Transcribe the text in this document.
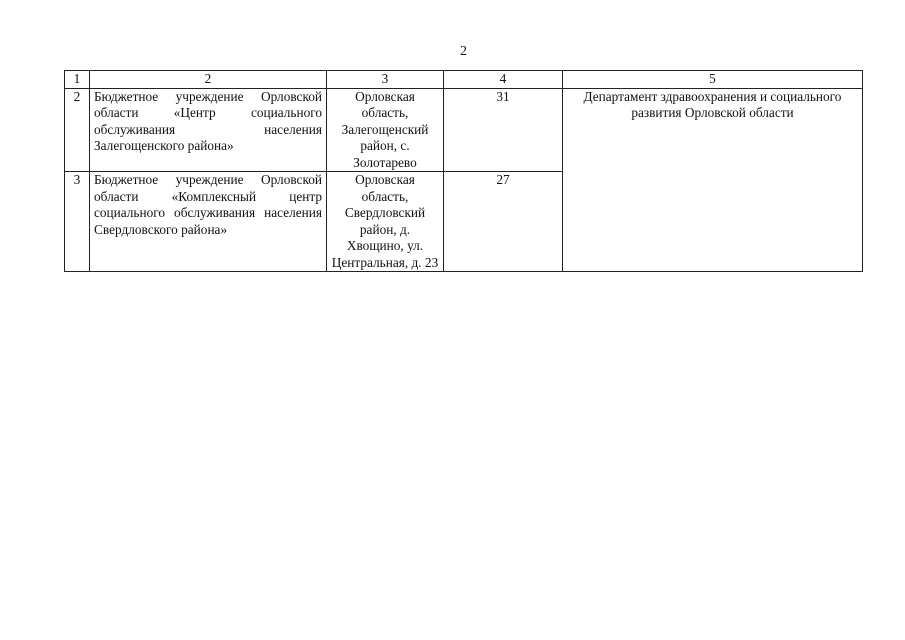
2
1	2	3	4	5
2	Бюджетное учреждение Орловской области «Центр социального обслуживания населения Залегощенского района»	Орловская область, Залегощенский район, с. Золотарево	31	Департамент здравоохранения и социального развития Орловской области
3	Бюджетное учреждение Орловской области «Комплексный центр социального обслуживания населения Свердловского района»	Орловская область, Свердловский район, д. Хвощино, ул. Центральная, д. 23	27	
